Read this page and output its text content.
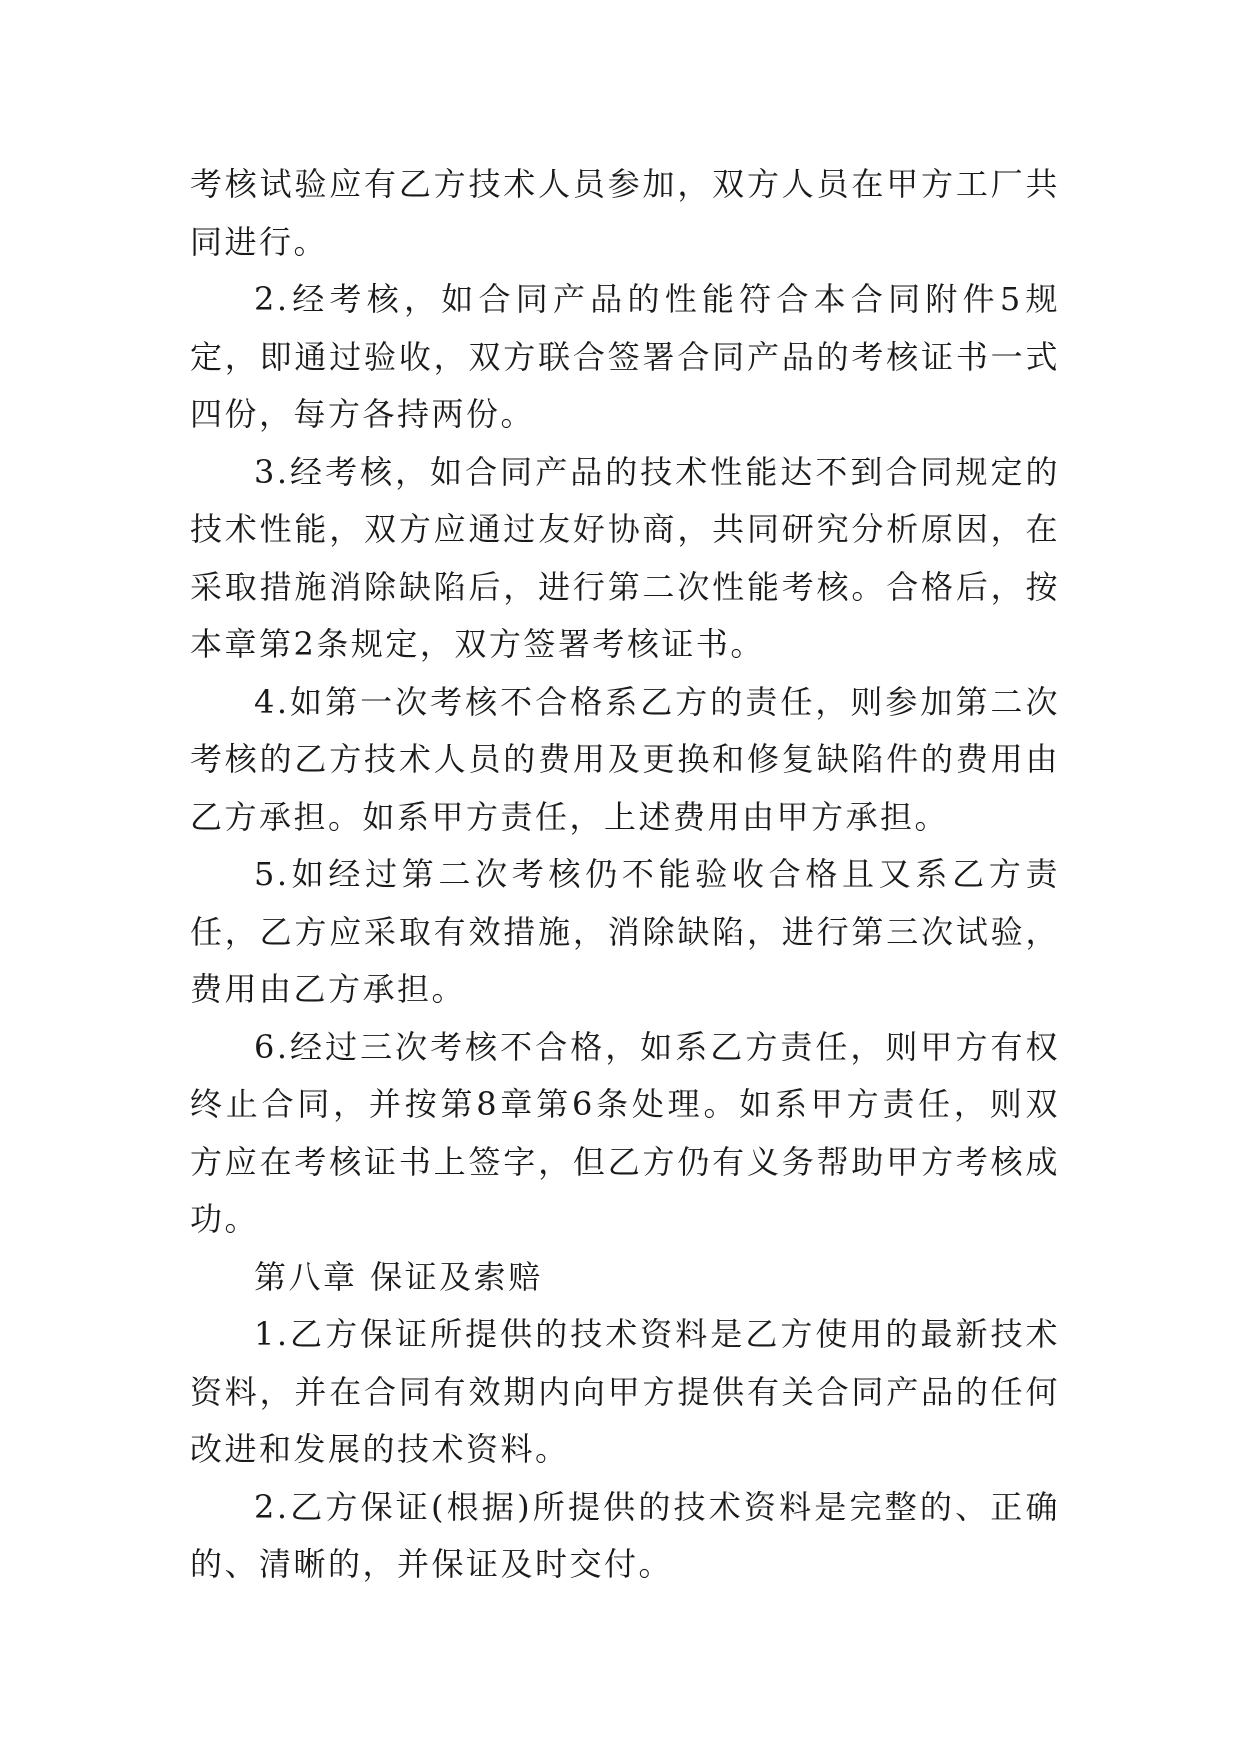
考核试验应有乙方技术人员参加，双方人员在甲方工厂共同进行。

2.经考核，如合同产品的性能符合本合同附件5规定，即通过验收，双方联合签署合同产品的考核证书一式四份，每方各持两份。

3.经考核，如合同产品的技术性能达不到合同规定的技术性能，双方应通过友好协商，共同研究分析原因，在采取措施消除缺陷后，进行第二次性能考核。合格后，按本章第2条规定，双方签署考核证书。

4.如第一次考核不合格系乙方的责任，则参加第二次考核的乙方技术人员的费用及更换和修复缺陷件的费用由乙方承担。如系甲方责任，上述费用由甲方承担。

5.如经过第二次考核仍不能验收合格且又系乙方责任，乙方应采取有效措施，消除缺陷，进行第三次试验，费用由乙方承担。

6.经过三次考核不合格，如系乙方责任，则甲方有权终止合同，并按第8章第6条处理。如系甲方责任，则双方应在考核证书上签字，但乙方仍有义务帮助甲方考核成功。

第八章 保证及索赔

1.乙方保证所提供的技术资料是乙方使用的最新技术资料，并在合同有效期内向甲方提供有关合同产品的任何改进和发展的技术资料。

2.乙方保证(根据)所提供的技术资料是完整的、正确的、清晰的，并保证及时交付。
